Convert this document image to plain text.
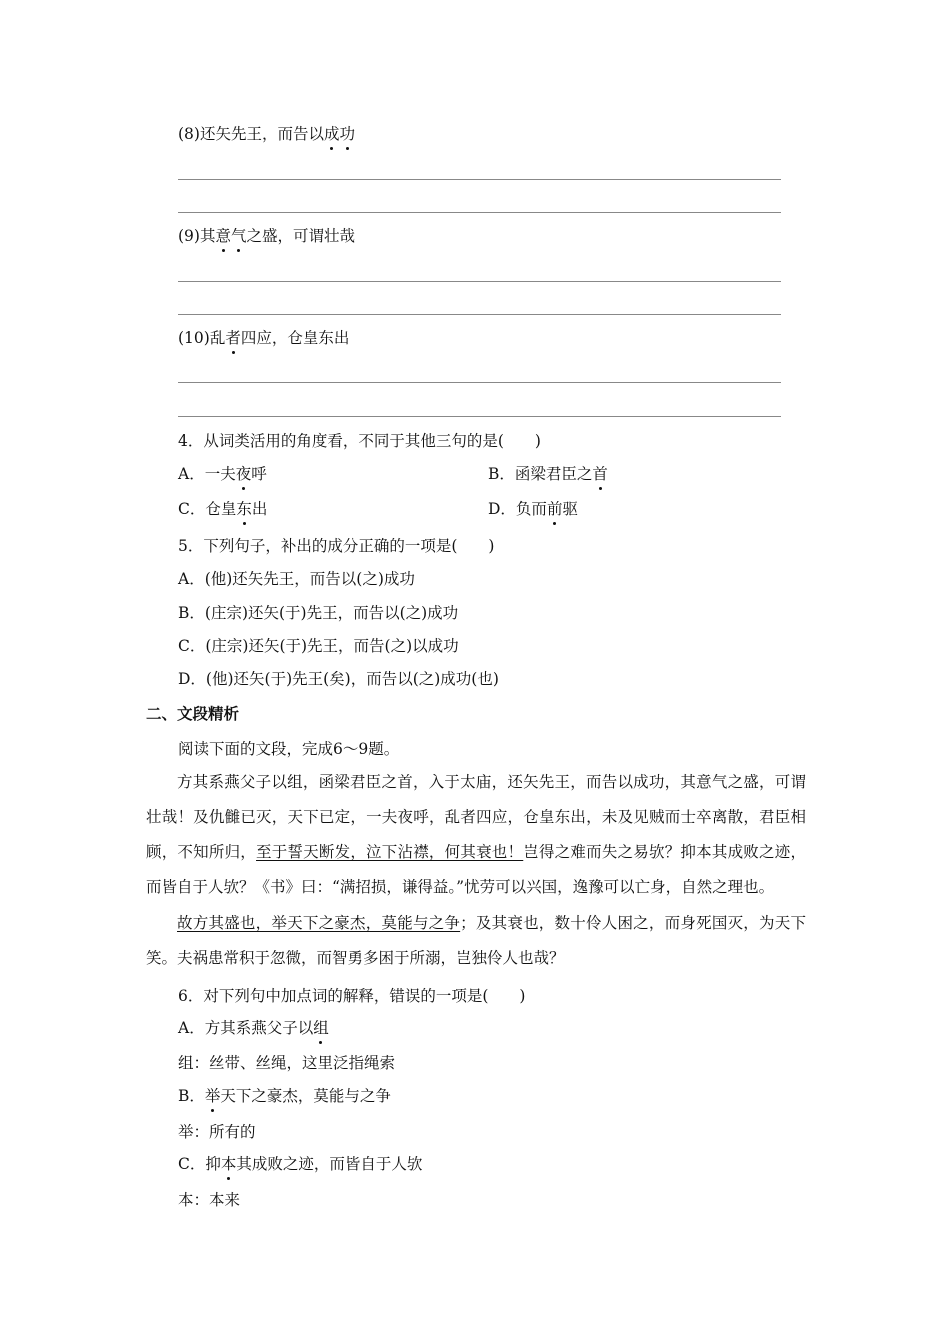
(8)还矢先王，而告以成功
(9)其意气之盛，可谓壮哉
(10)乱者四应，仓皇东出
4．从词类活用的角度看，不同于其他三句的是(　　)
A．一夫夜呼	B．函梁君臣之首
C．仓皇东出	D．负而前驱
5．下列句子，补出的成分正确的一项是(　　)
A．(他)还矢先王，而告以(之)成功
B．(庄宗)还矢(于)先王，而告以(之)成功
C．(庄宗)还矢(于)先王，而告(之)以成功
D．(他)还矢(于)先王(矣)，而告以(之)成功(也)
二、文段精析
阅读下面的文段，完成6～9题。
方其系燕父子以组，函梁君臣之首，入于太庙，还矢先王，而告以成功，其意气之盛，可谓壮哉！及仇雠已灭，天下已定，一夫夜呼，乱者四应，仓皇东出，未及见贼而士卒离散，君臣相顾，不知所归，至于誓天断发，泣下沾襟，何其衰也！岂得之难而失之易欤？抑本其成败之迹，而皆自于人欤？《书》曰：“满招损，谦得益。”忧劳可以兴国，逸豫可以亡身，自然之理也。
故方其盛也，举天下之豪杰，莫能与之争；及其衰也，数十伶人困之，而身死国灭，为天下笑。夫祸患常积于忽微，而智勇多困于所溺，岂独伶人也哉？
6．对下列句中加点词的解释，错误的一项是(　　)
A．方其系燕父子以组
组：丝带、丝绳，这里泛指绳索
B．举天下之豪杰，莫能与之争
举：所有的
C．抑本其成败之迹，而皆自于人欤
本：本来
